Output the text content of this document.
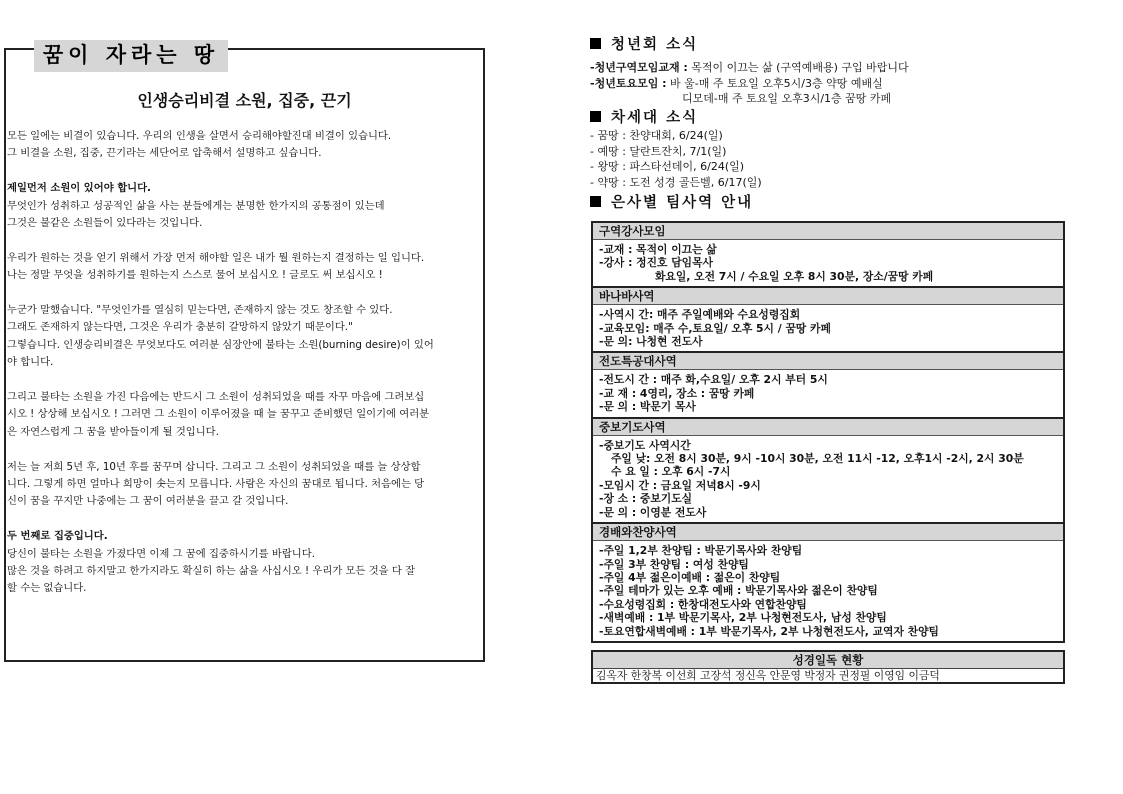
꿈이 자라는 땅
인생승리비결 소원, 집중, 끈기

모든 일에는 비결이 있습니다. 우리의 인생을 살면서 승리해야할진대 비결이 있습니다.

그 비결을 소원, 집중, 끈기라는 세단어로 압축해서 설명하고 싶습니다.

제일먼저 소원이 있어야 합니다.

무엇인가 성취하고 성공적인 삶을 사는 분들에게는 분명한 한가지의 공통점이 있는데

그것은 불같은 소원들이 있다라는 것입니다.

우리가 원하는 것을 얻기 위해서 가장 먼저 해야할 일은 내가 뭘 원하는지 결정하는 일 입니다.

나는 정말 무엇을 성취하기를 원하는지 스스로 물어 보십시오 ! 글로도 써 보십시오 !

누군가 말했습니다. "무엇인가를 열심히 믿는다면, 존재하지 않는 것도 창조할 수 있다.

그래도 존재하지 않는다면, 그것은 우리가 충분히 갈망하지 않았기 때문이다."

그렇습니다. 인생승리비결은 무엇보다도 여러분 심장안에 불타는 소원(burning desire)이 있어

야 합니다.

그리고 불타는 소원을 가진 다음에는 반드시 그 소원이 성취되었을 때를 자꾸 마음에 그려보십

시오 ! 상상해 보십시오 ! 그러면 그 소원이 이루어졌을 때 늘 꿈꾸고 준비했던 일이기에 여러분

은 자연스럽게 그 꿈을 받아들이게 될 것입니다.

저는 늘 저희 5년 후, 10년 후를 꿈꾸며 삽니다. 그리고 그 소원이 성취되었을 때를 늘 상상합

니다. 그렇게 하면 얼마나 희망이 솟는지 모릅니다. 사람은 자신의 꿈대로 됩니다. 처음에는 당

신이 꿈을 꾸지만 나중에는 그 꿈이 여러분을 끌고 갈 것입니다.

두 번째로 집중입니다.

당신이 불타는 소원을 가졌다면 이제 그 꿈에 집중하시기를 바랍니다.

많은 것을 하려고 하지말고 한가지라도 확실히 하는 삶을 사십시오 ! 우리가 모든 것을 다 잘

할 수는 없습니다.

청년회 소식
-청년구역모임교재 : 목적이 이끄는 삶 (구역예배용) 구입 바랍니다
-청년토요모임 : 바 울-매 주 토요일 오후5시/3층 약땅 예배실
디모데-매 주 토요일 오후3시/1층 꿈땅 카페
차세대 소식
- 꿈땅 : 찬양대회, 6/24(일)
- 예땅 : 달란트잔치, 7/1(일)
- 왕땅 : 파스타선데이, 6/24(일)
- 약땅 : 도전 성경 골든벨, 6/17(일)
은사별 팀사역 안내
구역강사모임
-교재 : 목적이 이끄는 삶
-강사 : 정진호 담임목사
화요일, 오전 7시 / 수요일 오후 8시 30분, 장소/꿈땅 카페
바나바사역
-사역시 간: 매주 주일예배와 수요성령집회
-교육모임: 매주 수,토요일/ 오후 5시 / 꿈땅 카페
-문 의: 나청현 전도사
전도특공대사역
-전도시 간 : 매주 화,수요일/ 오후 2시 부터 5시
-교 재 : 4영리, 장소 : 꿈땅 카페
-문 의 : 박문기 목사
중보기도사역
-중보기도 사역시간
주일 낮: 오전 8시 30분, 9시 -10시 30분, 오전 11시 -12, 오후1시 -2시, 2시 30분
수 요 일 : 오후 6시 -7시
-모임시 간 : 금요일 저녁8시 -9시
-장 소 : 중보기도실
-문 의 : 이영분 전도사
경배와찬양사역
-주일 1,2부 찬양팀 : 박문기목사와 찬양팀
-주일 3부 찬양팀 : 여성 찬양팀
-주일 4부 젊은이예배 : 젊은이 찬양팀
-주일 테마가 있는 오후 예배 : 박문기목사와 젊은이 찬양팀
-수요성령집회 : 한창대전도사와 연합찬양팀
-새벽예배 : 1부 박문기목사, 2부 나청현전도사, 남성 찬양팀
-토요연합새벽예배 : 1부 박문기목사, 2부 나청현전도사, 교역자 찬양팀
성경일독 현황
김옥자 한창복 이선희 고장석 정신옥 안문영 박정자 권정필 이영임 이금덕
